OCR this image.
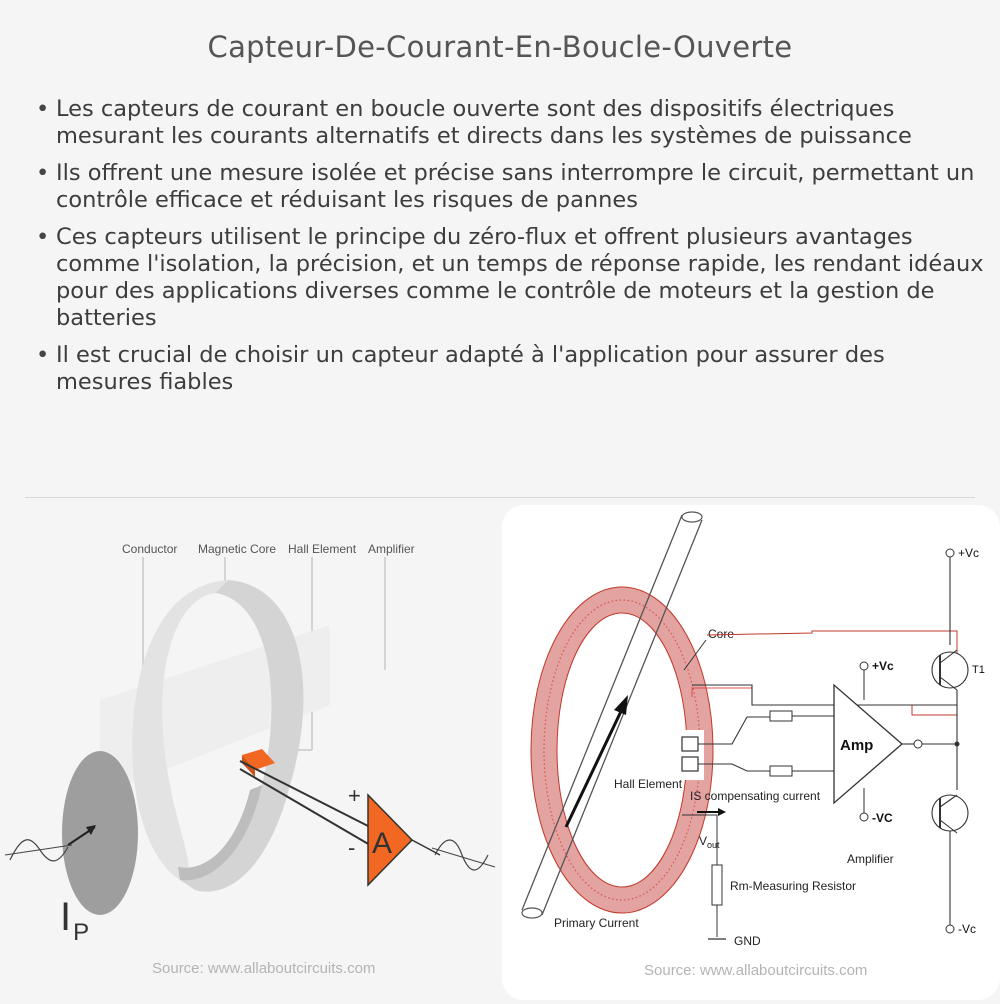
Capteur-De-Courant-En-Boucle-Ouverte
• Les capteurs de courant en boucle ouverte sont des dispositifs électriques mesurant les courants alternatifs et directs dans les systèmes de puissance
• Ils offrent une mesure isolée et précise sans interrompre le circuit, permettant un contrôle efficace et réduisant les risques de pannes
• Ces capteurs utilisent le principe du zéro-flux et offrent plusieurs avantages comme l'isolation, la précision, et un temps de réponse rapide, les rendant idéaux pour des applications diverses comme le contrôle de moteurs et la gestion de batteries
• Il est crucial de choisir un capteur adapté à l'application pour assurer des mesures fiables
Conductor Magnetic Core Hall Element Amplifier
$I_P$
+
- A
Source: www.allaboutcircuits.com
Core
Hall Element
IS compensating current
$V_{out}$
Rm-Measuring Resistor
GND
Primary Current
Amp
+Vc
-VC
Amplifier
+Vc
T1
-Vc
Source: www.allaboutcircuits.com
